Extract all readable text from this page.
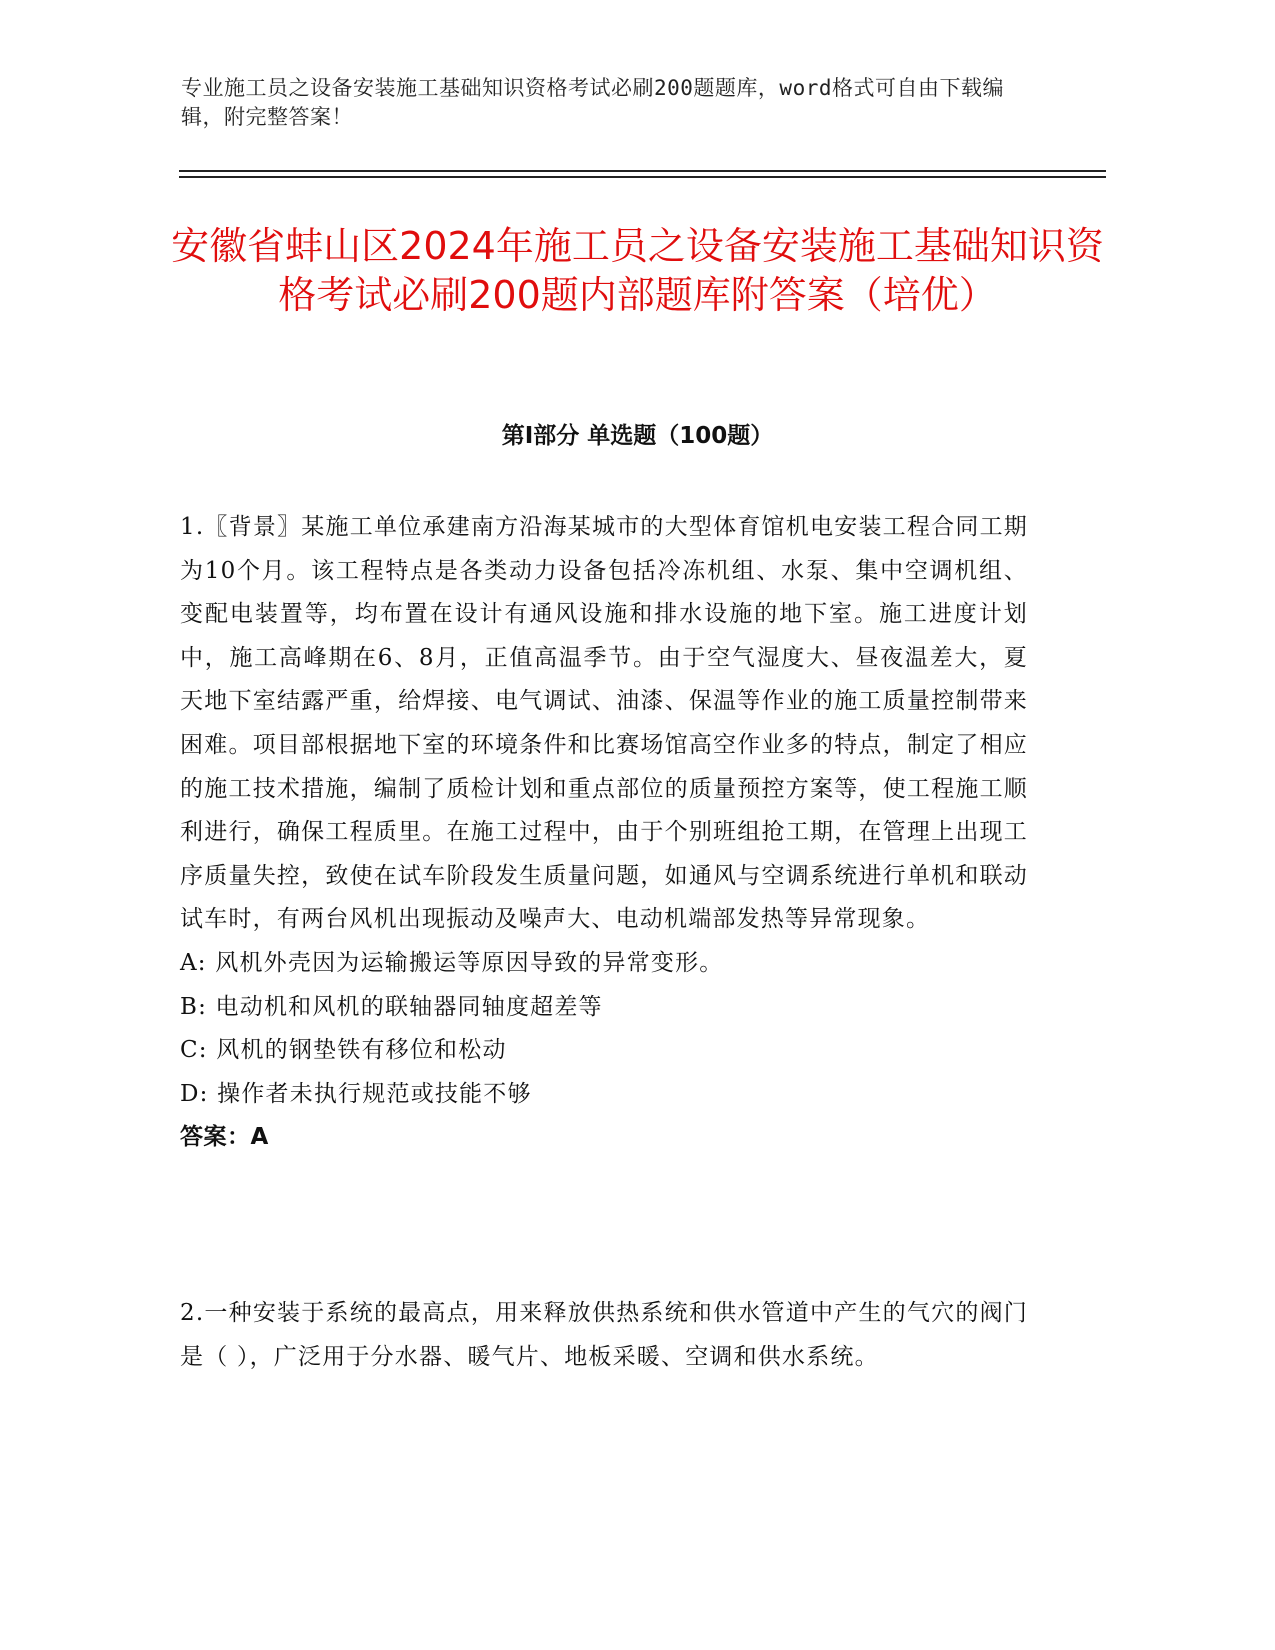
专业施工员之设备安装施工基础知识资格考试必刷200题题库，word格式可自由下载编辑，附完整答案！
安徽省蚌山区2024年施工员之设备安装施工基础知识资格考试必刷200题内部题库附答案（培优）
第Ⅰ部分 单选题（100题）

1.〖背景〗某施工单位承建南方沿海某城市的大型体育馆机电安装工程合同工期为10个月。该工程特点是各类动力设备包括冷冻机组、水泵、集中空调机组、变配电装置等，均布置在设计有通风设施和排水设施的地下室。施工进度计划中，施工高峰期在6、8月，正值高温季节。由于空气湿度大、昼夜温差大，夏天地下室结露严重，给焊接、电气调试、油漆、保温等作业的施工质量控制带来困难。项目部根据地下室的环境条件和比赛场馆高空作业多的特点，制定了相应的施工技术措施，编制了质检计划和重点部位的质量预控方案等，使工程施工顺利进行，确保工程质里。在施工过程中，由于个别班组抢工期，在管理上出现工序质量失控，致使在试车阶段发生质量问题，如通风与空调系统进行单机和联动试车时，有两台风机出现振动及噪声大、电动机端部发热等异常现象。

A: 风机外壳因为运输搬运等原因导致的异常变形。

B: 电动机和风机的联轴器同轴度超差等

C: 风机的钢垫铁有移位和松动

D: 操作者未执行规范或技能不够

答案：A

2.一种安装于系统的最高点，用来释放供热系统和供水管道中产生的气穴的阀门是（ ），广泛用于分水器、暖气片、地板采暖、空调和供水系统。
